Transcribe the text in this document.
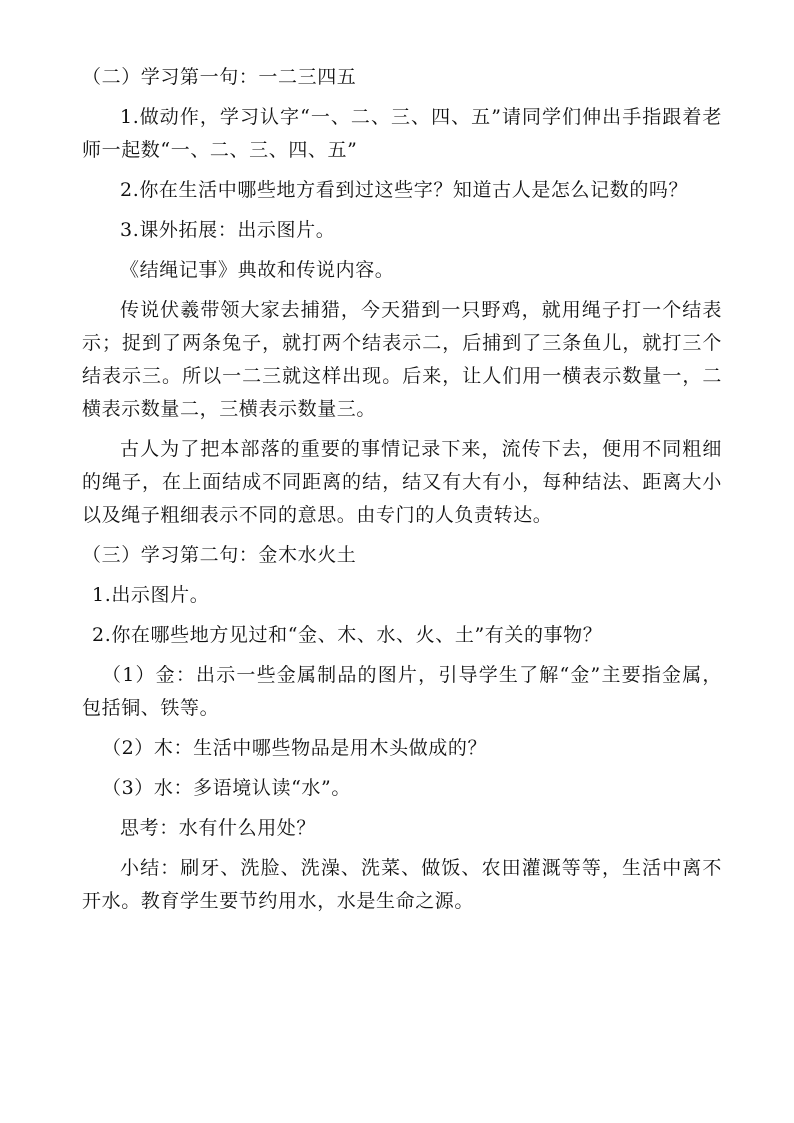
（二）学习第一句：一二三四五

1.做动作，学习认字“一、二、三、四、五”请同学们伸出手指跟着老师一起数“一、二、三、四、五”

2.你在生活中哪些地方看到过这些字？知道古人是怎么记数的吗？

3.课外拓展：出示图片。

《结绳记事》典故和传说内容。

传说伏羲带领大家去捕猎，今天猎到一只野鸡，就用绳子打一个结表示；捉到了两条兔子，就打两个结表示二，后捕到了三条鱼儿，就打三个结表示三。所以一二三就这样出现。后来，让人们用一横表示数量一，二横表示数量二，三横表示数量三。

古人为了把本部落的重要的事情记录下来，流传下去，便用不同粗细的绳子，在上面结成不同距离的结，结又有大有小，每种结法、距离大小以及绳子粗细表示不同的意思。由专门的人负责转达。

（三）学习第二句：金木水火土

1.出示图片。

2.你在哪些地方见过和“金、木、水、火、土”有关的事物？

（1）金：出示一些金属制品的图片，引导学生了解“金”主要指金属，包括铜、铁等。

（2）木：生活中哪些物品是用木头做成的？

（3）水：多语境认读“水”。

思考：水有什么用处？

小结：刷牙、洗脸、洗澡、洗菜、做饭、农田灌溉等等，生活中离不开水。教育学生要节约用水，水是生命之源。
